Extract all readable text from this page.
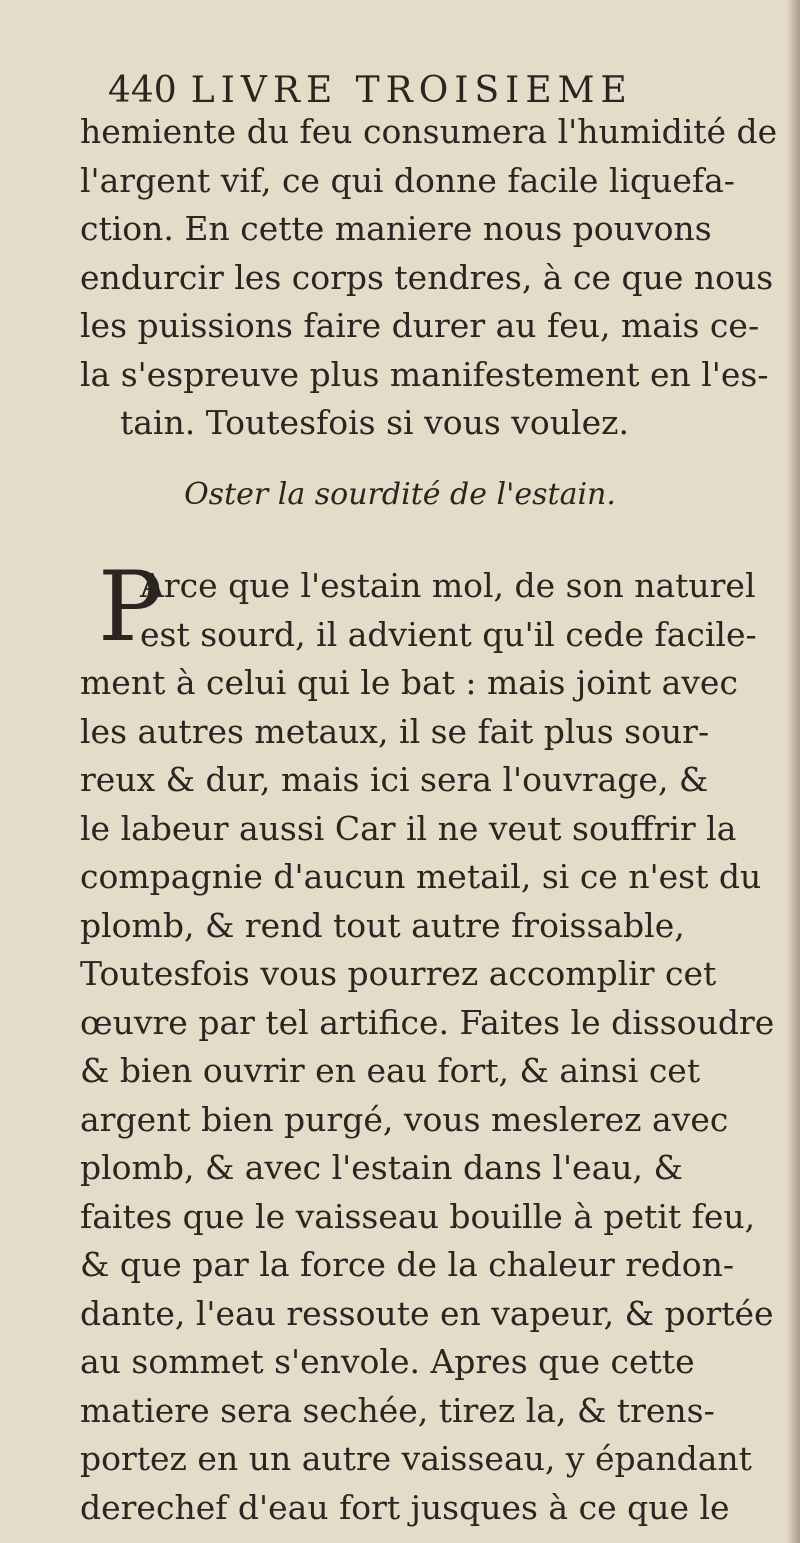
440 LIVRE TROISIEME
hemiente du feu consumera l'humidité de
l'argent vif, ce qui donne facile liquefa-
ction. En cette maniere nous pouvons
endurcir les corps tendres, à ce que nous
les puissions faire durer au feu, mais ce-
la s'espreuve plus manifestement en l'es-
tain. Toutesfois si vous voulez.
Oster la sourdité de l'estain.
P
Arce que l'estain mol, de son naturel
est sourd, il advient qu'il cede facile-
ment à celui qui le bat : mais joint avec
les autres metaux, il se fait plus sour-
reux & dur, mais ici sera l'ouvrage, &
le labeur aussi Car il ne veut souffrir la
compagnie d'aucun metail, si ce n'est du
plomb, & rend tout autre froissable,
Toutesfois vous pourrez accomplir cet
œuvre par tel artifice. Faites le dissoudre
& bien ouvrir en eau fort, & ainsi cet
argent bien purgé, vous meslerez avec
plomb, & avec l'estain dans l'eau, &
faites que le vaisseau bouille à petit feu,
& que par la force de la chaleur redon-
dante, l'eau ressoute en vapeur, & portée
au sommet s'envole. Apres que cette
matiere sera sechée, tirez la, & trens-
portez en un autre vaisseau, y épandant
derechef d'eau fort jusques à ce que le
